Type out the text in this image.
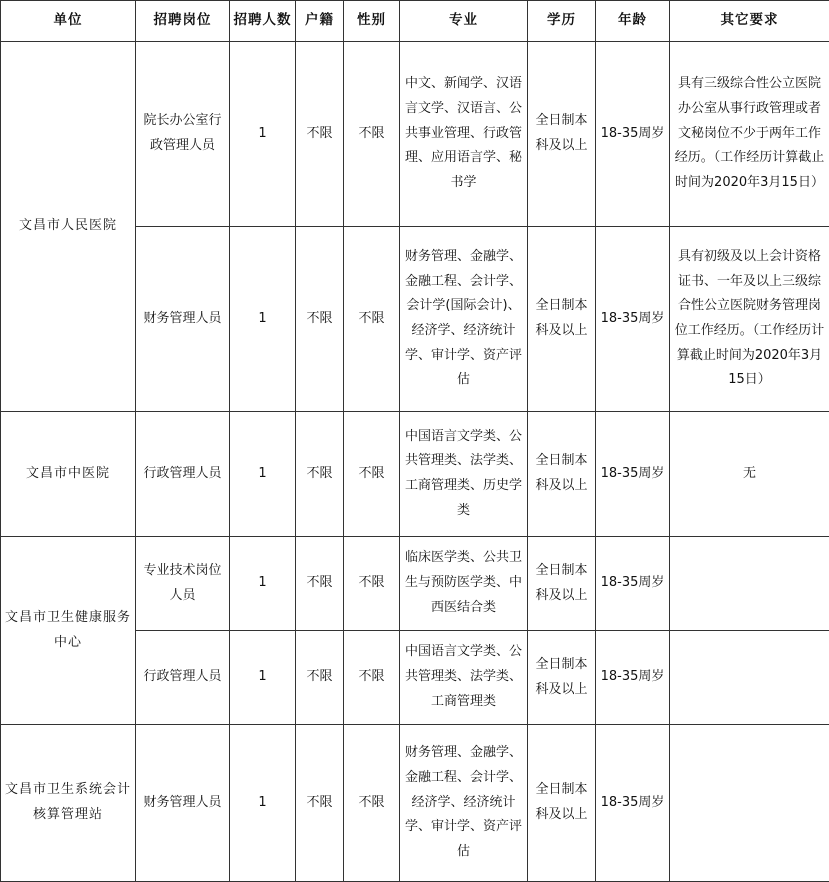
单位	招聘岗位	招聘人数	户籍	性别	专业	学历	年龄	其它要求
文昌市人民医院	院长办公室行政管理人员	1	不限	不限	中文、新闻学、汉语言文学、汉语言、公共事业管理、行政管理、应用语言学、秘书学	全日制本科及以上	18-35周岁	具有三级综合性公立医院办公室从事行政管理或者文秘岗位不少于两年工作经历。（工作经历计算截止时间为2020年3月15日）
	财务管理人员	1	不限	不限	财务管理、金融学、金融工程、会计学、会计学(国际会计)、经济学、经济统计学、审计学、资产评估	全日制本科及以上	18-35周岁	具有初级及以上会计资格证书、一年及以上三级综合性公立医院财务管理岗位工作经历。（工作经历计算截止时间为2020年3月15日）
文昌市中医院	行政管理人员	1	不限	不限	中国语言文学类、公共管理类、法学类、工商管理类、历史学类	全日制本科及以上	18-35周岁	无
文昌市卫生健康服务中心	专业技术岗位人员	1	不限	不限	临床医学类、公共卫生与预防医学类、中西医结合类	全日制本科及以上	18-35周岁	
	行政管理人员	1	不限	不限	中国语言文学类、公共管理类、法学类、工商管理类	全日制本科及以上	18-35周岁	
文昌市卫生系统会计核算管理站	财务管理人员	1	不限	不限	财务管理、金融学、金融工程、会计学、经济学、经济统计学、审计学、资产评估	全日制本科及以上	18-35周岁	
